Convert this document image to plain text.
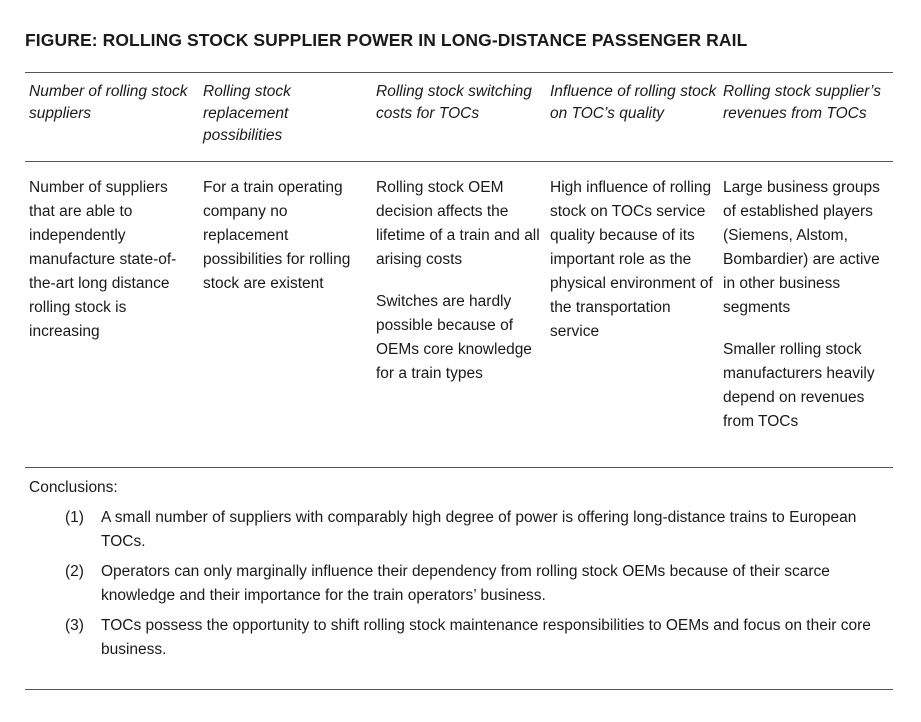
FIGURE: ROLLING STOCK SUPPLIER POWER IN LONG-DISTANCE PASSENGER RAIL
Number of rolling stock suppliers
Rolling stock replacement possibilities
Rolling stock switching costs for TOCs
Influence of rolling stock on TOC’s quality
Rolling stock supplier’s revenues from TOCs
Number of suppliers that are able to independently manufacture state-of-the-art long distance rolling stock is increasing
For a train operating company no replacement possibilities for rolling stock are existent
Rolling stock OEM decision affects the lifetime of a train and all arising costs
Switches are hardly possible because of OEMs core knowledge for a train types
High influence of rolling stock on TOCs service quality because of its important role as the physical environment of the transportation service
Large business groups of established players (Siemens, Alstom, Bombardier) are active in other business segments
Smaller rolling stock manufacturers heavily depend on revenues from TOCs
Conclusions:
(1) A small number of suppliers with comparably high degree of power is offering long-distance trains to European TOCs.
(2) Operators can only marginally influence their dependency from rolling stock OEMs because of their scarce knowledge and their importance for the train operators’ business.
(3) TOCs possess the opportunity to shift rolling stock maintenance responsibilities to OEMs and focus on their core business.
